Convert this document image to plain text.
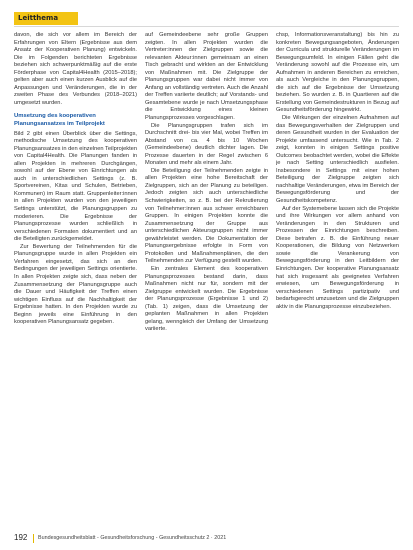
Leitthema

davon, die sich vor allem im Bereich der Erfahrungen von Eltern (Ergebnisse aus dem Ansatz der Kooperativen Planung) entwickeln. Die im Folgenden berichteten Ergebnisse beziehen sich schwerpunktmäßig auf die erste Förderphase von Capital4Health (2015–2018); gelten aber auch einen kurzen Ausblick auf die Anpassungen und Veränderungen, die in der zweiten Phase des Verbundes (2018–2021) umgesetzt wurden.

Umsetzung des kooperativen Planungsansatzes im Teilprojekt

Bild 2 gibt einen Überblick über die Settings, methodische Umsetzung des kooperativen Planungsansatzes in den einzelnen Teilprojekten von Capital4Health. Die Planungen fanden in allen Projekten in mehreren Durchgängen, sowohl auf der Ebene von Einrichtungen als auch in unterschiedlichen Settings (z. B. Sportvereinen, Kitas und Schulen, Betrieben, Kommunen) im Raum statt. Gruppenleiter:innen in allen Projekten wurden von den jeweiligen Settings unterstützt, die Planungsgruppen zu moderieren. Die Ergebnisse der Planungsprozesse wurden schließlich in verschiedenen Formaten dokumentiert und an die Beteiligten zurückgemeldet.

Zur Bewertung der Teilnehmenden für die Planungsgruppe wurde in allen Projekten ein Verfahren eingesetzt, das sich an den Bedingungen der jeweiligen Settings orientierte. In allen Projekten zeigte sich, dass neben der Zusammensetzung der Planungsgruppe auch die Dauer und Häufigkeit der Treffen einen wichtigen Einfluss auf die Nachhaltigkeit der Ergebnisse hatten. In den Projekten wurde zu Beginn jeweils eine Einführung in den kooperativen Planungsansatz gegeben.

auf Gemeindeebene sehr große Gruppen zeigten. In allen Projekten wurden die Vertreter:innen der Zielgruppen sowie die relevanten Akteur:innen gemeinsam an einen Tisch gebracht und wirkten an der Entwicklung von Maßnahmen mit. Die Zielgruppe der Planungsgruppen war dabei nicht immer von Anfang an vollständig vertreten. Auch die Anzahl der Treffen variierte deutlich; auf Vorstands- und Gesamtebene wurde je nach Umsetzungsphase die Entwicklung eines kleinen Planungsprozesses vorgeschlagen.

Die Planungsgruppen trafen sich im Durchschnitt drei- bis vier Mal, wobei Treffen im Abstand von ca. 4 bis 10 Wochen (Gemeindeebene) deutlich dichter lagen. Die Prozesse dauerten in der Regel zwischen 6 Monaten und mehr als einem Jahr.

Die Beteiligung der Teilnehmenden zeigte in allen Projekten eine hohe Bereitschaft der Zielgruppen, sich an der Planung zu beteiligen. Jedoch zeigten sich auch unterschiedliche Schwierigkeiten, so z. B. bei der Rekrutierung von Teilnehmer:innen aus schwer erreichbaren Gruppen. In einigen Projekten konnte die Zusammensetzung der Gruppe aus unterschiedlichen Akteursgruppen nicht immer gewährleistet werden. Die Dokumentation der Planungsergebnisse erfolgte in Form von Protokollen und Maßnahmenplänen, die den Teilnehmenden zur Verfügung gestellt wurden.

Ein zentrales Element des kooperativen Planungsprozesses bestand darin, dass Maßnahmen nicht nur für, sondern mit der Zielgruppe entwickelt wurden. Die Ergebnisse der Planungsprozesse (Ergebnisse 1 und 2) (Tab. 1) zeigen, dass die Umsetzung der geplanten Maßnahmen in allen Projekten gelang, wenngleich der Umfang der Umsetzung variierte.

chsp, Informationsveranstaltung) bis hin zu konkreten Bewegungsangeboten, Änderungen der Curricula und strukturelle Veränderungen im Bewegungsumfeld. In einigen Fällen geht die Veränderung sowohl auf die Prozesse ein, um Aufnahmen in anderen Bereichen zu erreichen, als auch Vergleiche in den Planungsgruppen, die sich auf die Ergebnisse der Umsetzung beziehen. So wurden z. B. in Quartieren auf die Erstellung von Gemeindestrukturen in Bezug auf Gesundheitsförderung hingewirkt.

Die Wirkungen der einzelnen Aufnahmen auf das Bewegungsverhalten der Zielgruppen und deren Gesundheit wurden in der Evaluation der Projekte umfassend untersucht. Wie in Tab. 2 zeigt, konnten in einigen Settings positive Outcomes beobachtet werden, wobei die Effekte je nach Setting unterschiedlich ausfielen. Insbesondere in Settings mit einer hohen Beteiligung der Zielgruppe zeigten sich nachhaltige Veränderungen, etwa im Bereich der Bewegungsförderung und der Gesundheitskompetenz.

Auf der Systemebene lassen sich die Projekte und ihre Wirkungen vor allem anhand von Veränderungen in den Strukturen und Prozessen der Einrichtungen beschreiben. Diese betrafen z. B. die Einführung neuer Kooperationen, die Bildung von Netzwerken sowie die Verankerung von Bewegungsförderung in den Leitbildern der Einrichtungen. Der kooperative Planungsansatz hat sich insgesamt als geeignetes Verfahren erwiesen, um Bewegungsförderung in verschiedenen Settings partizipativ und bedarfsgerecht umzusetzen und die Zielgruppen aktiv in die Planungsprozesse einzubeziehen.

192 Bundesgesundheitsblatt - Gesundheitsforschung - Gesundheitsschutz 2 · 2021
